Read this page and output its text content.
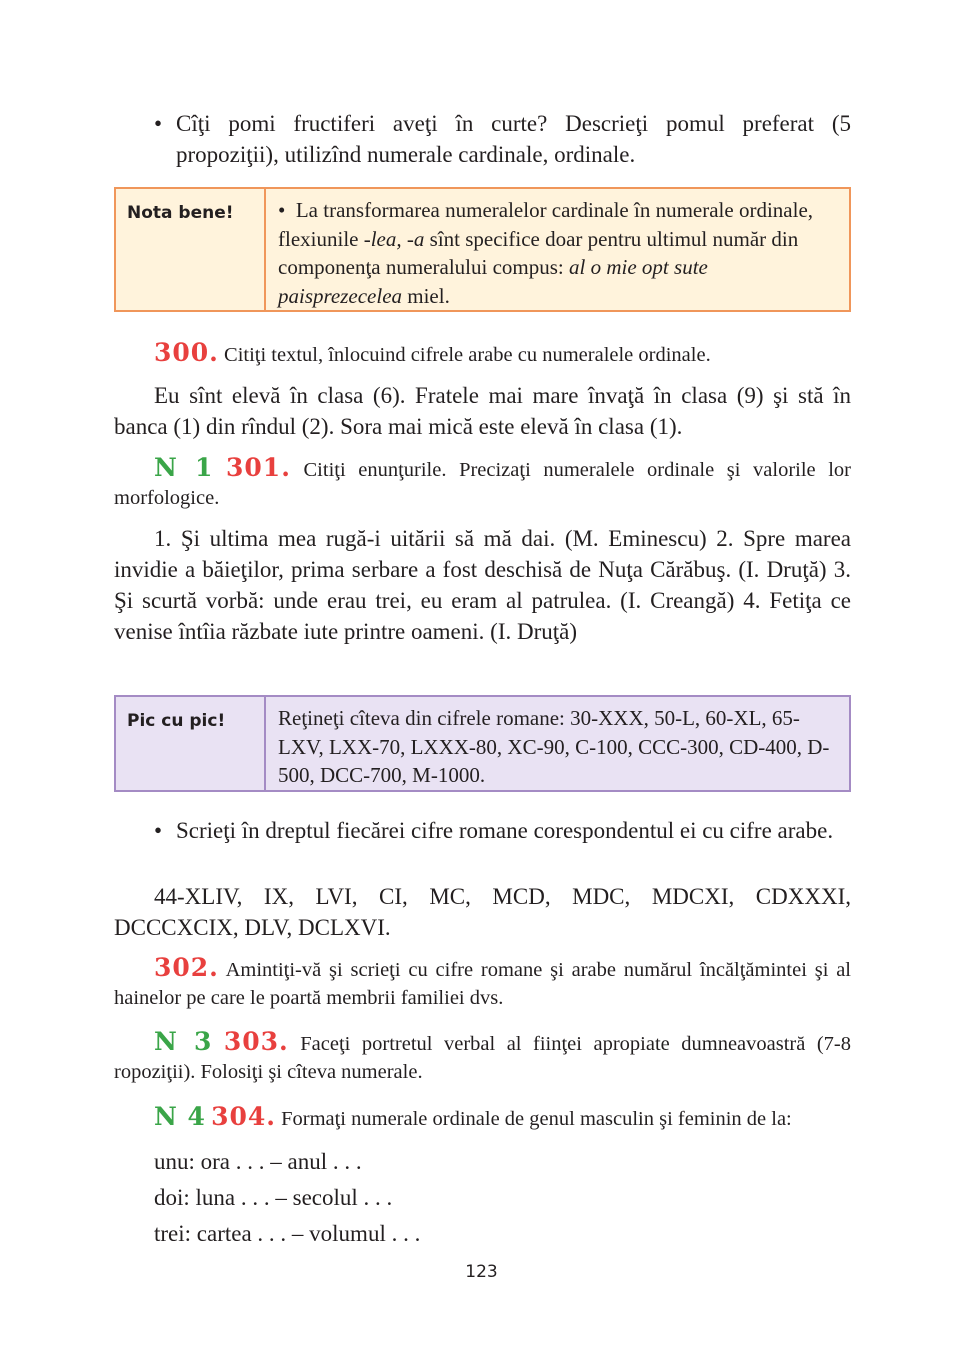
• Cîţi pomi fructiferi aveţi în curte? Descrieţi pomul preferat (5 propoziţii), utilizînd numerale cardinale, ordinale.
Nota bene!	• La transformarea numeralelor cardinale în numerale ordinale, flexiunile -lea, -a sînt specifice doar pentru ultimul număr din componenţa numeralului compus: al o mie opt sute paisprezecelea miel.
300. Citiţi textul, înlocuind cifrele arabe cu numeralele ordinale.
Eu sînt elevă în clasa (6). Fratele mai mare învaţă în clasa (9) şi stă în banca (1) din rîndul (2). Sora mai mică este elevă în clasa (1).
N 1 301. Citiţi enunţurile. Precizaţi numeralele ordinale şi valorile lor morfologice.
1. Şi ultima mea rugă-i uitării să mă dai. (M. Eminescu) 2. Spre marea invidie a băieţilor, prima serbare a fost deschisă de Nuţa Cărăbuş. (I. Druţă) 3. Şi scurtă vorbă: unde erau trei, eu eram al patrulea. (I. Creangă) 4. Fetiţa ce venise întîia răzbate iute printre oameni. (I. Druţă)
Pic cu pic!	Reţineţi cîteva din cifrele romane: 30-XXX, 50-L, 60-XL, 65-LXV, LXX-70, LXXX-80, XC-90, C-100, CCC-300, CD-400, D-500, DCC-700, M-1000.
• Scrieţi în dreptul fiecărei cifre romane corespondentul ei cu cifre arabe.
44-XLIV, IX, LVI, CI, MC, MCD, MDC, MDCXI, CDXXXI, DCCCXCIX, DLV, DCLXVI.
302. Amintiţi-vă şi scrieţi cu cifre romane şi arabe numărul încălţămintei şi al hainelor pe care le poartă membrii familiei dvs.
N 3 303. Faceţi portretul verbal al fiinţei apropiate dumneavoastră (7-8 ropoziţii). Folosiţi şi cîteva numerale.
N 4 304. Formaţi numerale ordinale de genul masculin şi feminin de la:
unu: ora . . . – anul . . .
doi: luna . . . – secolul . . .
trei: cartea . . . – volumul . . .
123
